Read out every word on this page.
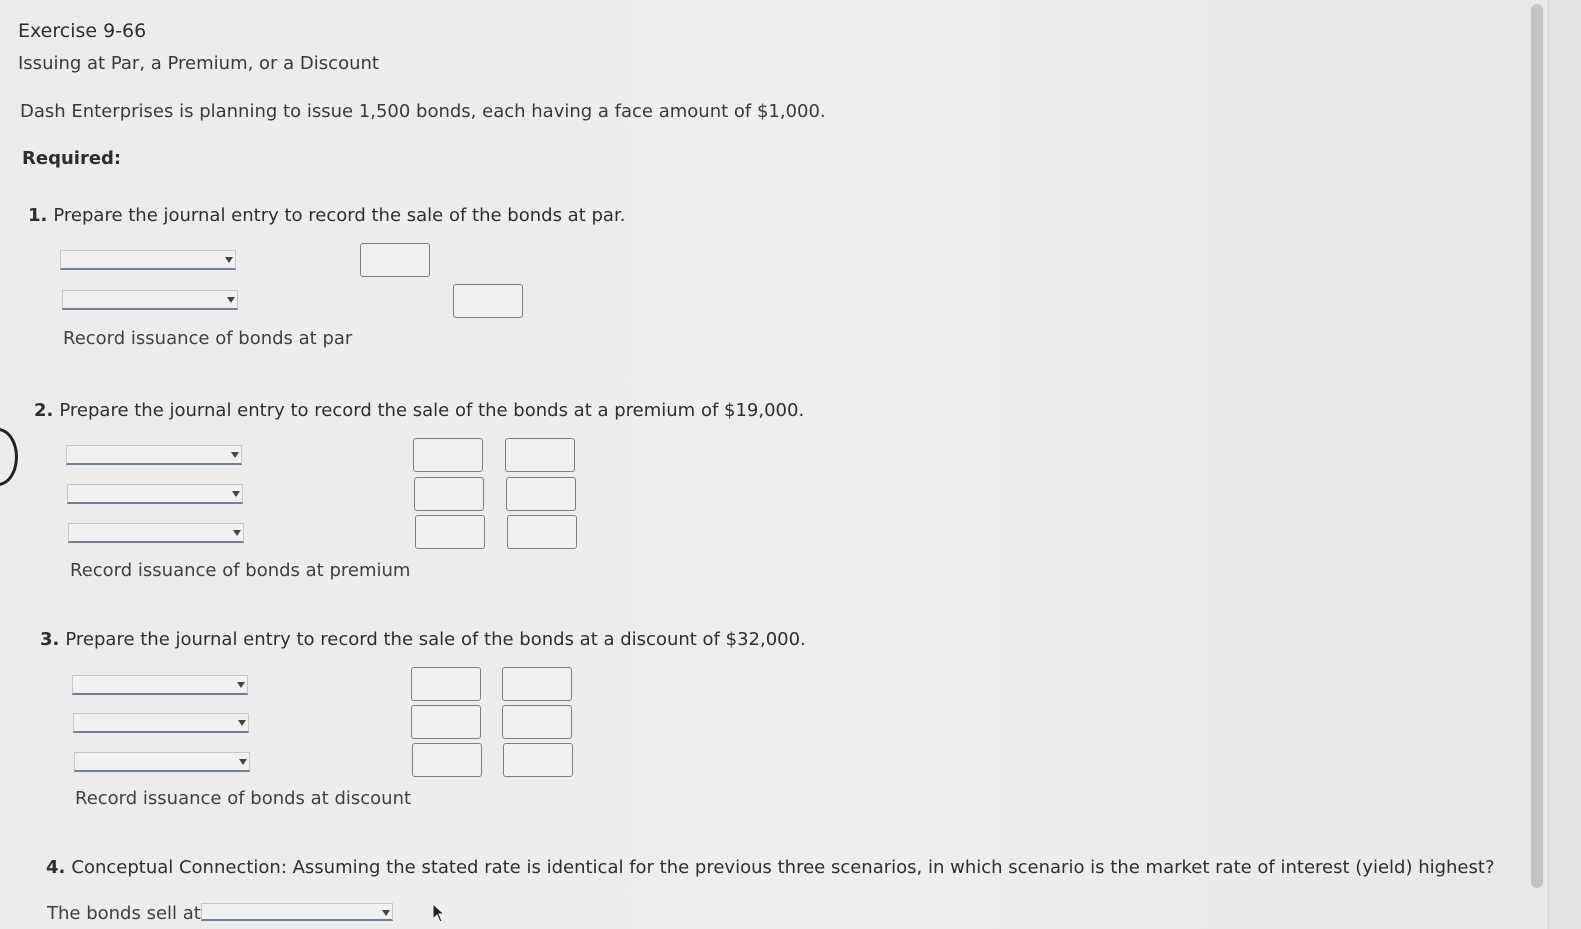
Exercise 9-66
Issuing at Par, a Premium, or a Discount
Dash Enterprises is planning to issue 1,500 bonds, each having a face amount of $1,000.
Required:
1. Prepare the journal entry to record the sale of the bonds at par.
Record issuance of bonds at par
2. Prepare the journal entry to record the sale of the bonds at a premium of $19,000.
Record issuance of bonds at premium
3. Prepare the journal entry to record the sale of the bonds at a discount of $32,000.
Record issuance of bonds at discount
4. Conceptual Connection: Assuming the stated rate is identical for the previous three scenarios, in which scenario is the market rate of interest (yield) highest?
The bonds sell at
